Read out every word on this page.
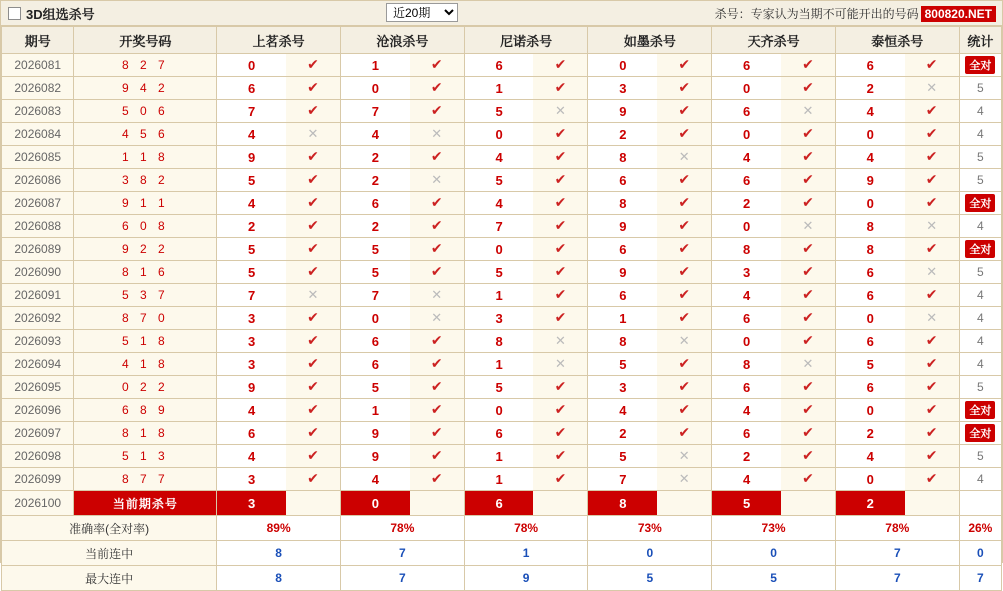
3D组选杀号
近20期	杀号：专家认为当期不可能开出的号码 800820.NET
期号	开奖号码	上茗杀号	沧浪杀号	尼诺杀号	如墨杀号	天齐杀号	泰恒杀号	统计
2026081	8 2 7	0	✔	1	✔	6	✔	0	✔	6	✔	6	✔	全对
2026082	9 4 2	6	✔	0	✔	1	✔	3	✔	0	✔	2	✕	5
2026083	5 0 6	7	✔	7	✔	5	✕	9	✔	6	✕	4	✔	4
2026084	4 5 6	4	✕	4	✕	0	✔	2	✔	0	✔	0	✔	4
2026085	1 1 8	9	✔	2	✔	4	✔	8	✕	4	✔	4	✔	5
2026086	3 8 2	5	✔	2	✕	5	✔	6	✔	6	✔	9	✔	5
2026087	9 1 1	4	✔	6	✔	4	✔	8	✔	2	✔	0	✔	全对
2026088	6 0 8	2	✔	2	✔	7	✔	9	✔	0	✕	8	✕	4
2026089	9 2 2	5	✔	5	✔	0	✔	6	✔	8	✔	8	✔	全对
2026090	8 1 6	5	✔	5	✔	5	✔	9	✔	3	✔	6	✕	5
2026091	5 3 7	7	✕	7	✕	1	✔	6	✔	4	✔	6	✔	4
2026092	8 7 0	3	✔	0	✕	3	✔	1	✔	6	✔	0	✕	4
2026093	5 1 8	3	✔	6	✔	8	✕	8	✕	0	✔	6	✔	4
2026094	4 1 8	3	✔	6	✔	1	✕	5	✔	8	✕	5	✔	4
2026095	0 2 2	9	✔	5	✔	5	✔	3	✔	6	✔	6	✔	5
2026096	6 8 9	4	✔	1	✔	0	✔	4	✔	4	✔	0	✔	全对
2026097	8 1 8	6	✔	9	✔	6	✔	2	✔	6	✔	2	✔	全对
2026098	5 1 3	4	✔	9	✔	1	✔	5	✕	2	✔	4	✔	5
2026099	8 7 7	3	✔	4	✔	1	✔	7	✕	4	✔	0	✔	4
2026100	当前期杀号	3	0	6	8	5	2	

准确率(全对率)		89%	78%	78%	73%	73%	78%	26%
当前连中		8	7	1	0	0	7	0
最大连中		8	7	9	5	5	7	7
